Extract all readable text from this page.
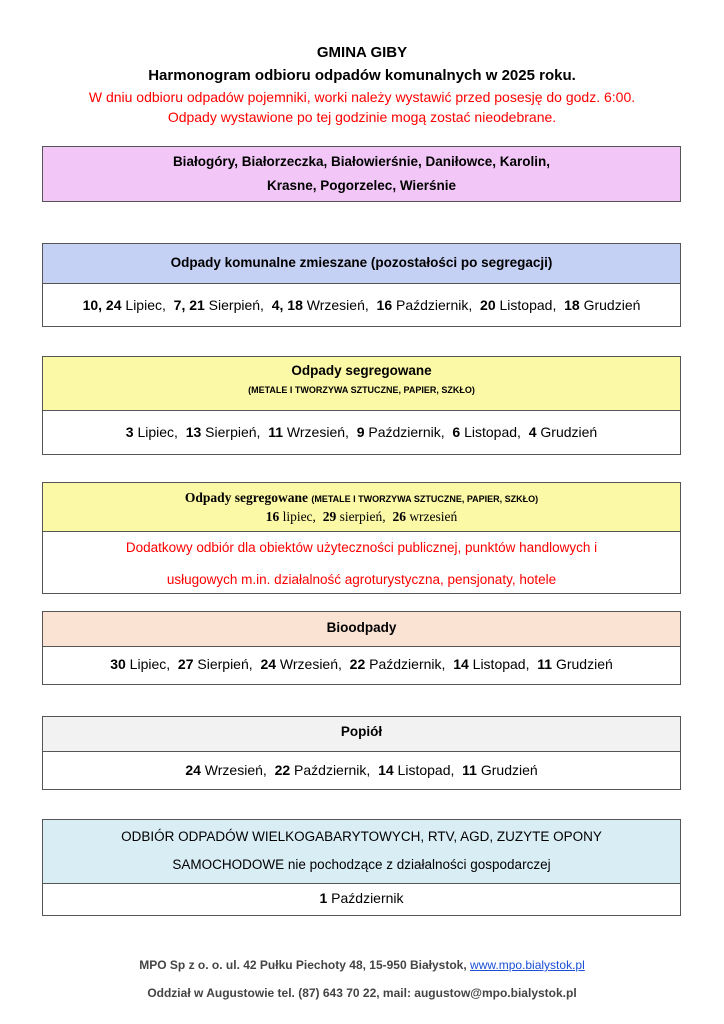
GMINA GIBY
Harmonogram odbioru odpadów komunalnych w 2025 roku.
W dniu odbioru odpadów pojemniki, worki należy wystawić przed posesję do godz. 6:00.
Odpady wystawione po tej godzinie mogą zostać nieodebrane.
Białogóry, Białorzeczka, Białowierśnie, Daniłowce, Karolin,
Krasne, Pogorzelec, Wierśnie
Odpady komunalne zmieszane (pozostałości po segregacji)
10, 24 Lipiec, 7, 21 Sierpień, 4, 18 Wrzesień, 16 Październik, 20 Listopad, 18 Grudzień
Odpady segregowane
(METALE I TWORZYWA SZTUCZNE, PAPIER, SZKŁO)
3 Lipiec, 13 Sierpień, 11 Wrzesień, 9 Październik, 6 Listopad, 4 Grudzień
Odpady segregowane (METALE I TWORZYWA SZTUCZNE, PAPIER, SZKŁO)
16 lipiec, 29 sierpień, 26 wrzesień
Dodatkowy odbiór dla obiektów użyteczności publicznej, punktów handlowych i
usługowych m.in. działalność agroturystyczna, pensjonaty, hotele
Bioodpady
30 Lipiec, 27 Sierpień, 24 Wrzesień, 22 Październik, 14 Listopad, 11 Grudzień
Popiół
24 Wrzesień, 22 Październik, 14 Listopad, 11 Grudzień
ODBIÓR ODPADÓW WIELKOGABARYTOWYCH, RTV, AGD, ZUZYTE OPONY
SAMOCHODOWE nie pochodzące z działalności gospodarczej
1 Październik
MPO Sp z o. o. ul. 42 Pułku Piechoty 48, 15-950 Białystok, www.mpo.bialystok.pl
Oddział w Augustowie tel. (87) 643 70 22, mail: augustow@mpo.bialystok.pl
